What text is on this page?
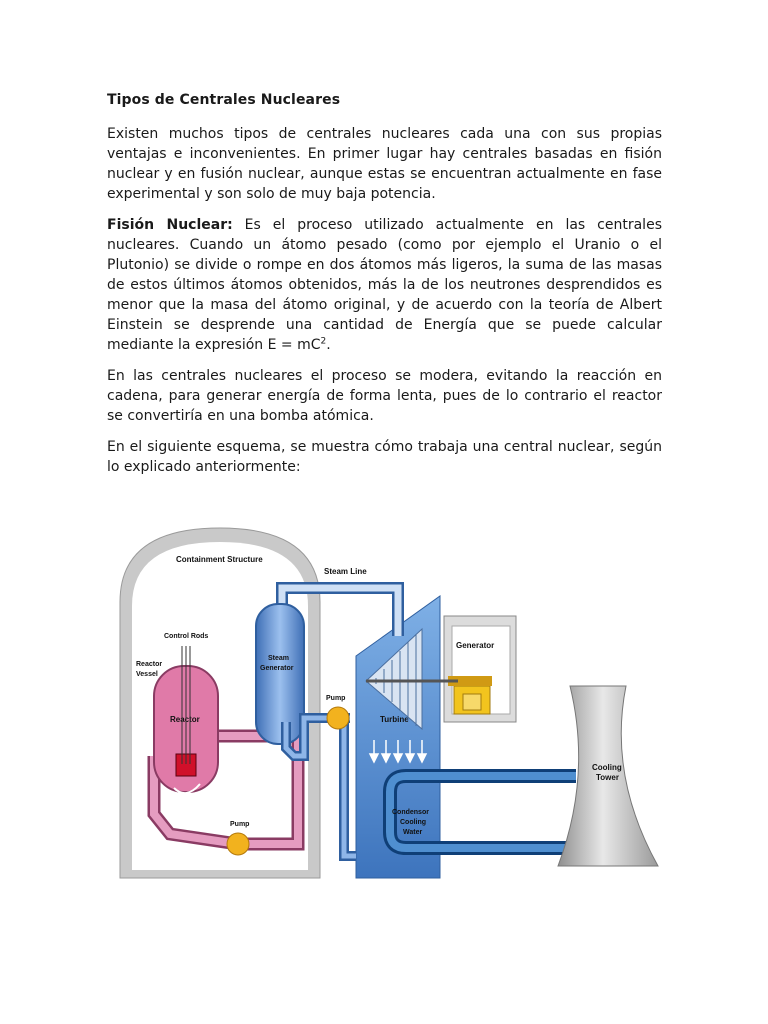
Tipos de Centrales Nucleares

Existen muchos tipos de centrales nucleares cada una con sus propias ventajas e inconvenientes. En primer lugar hay centrales basadas en fisión nuclear y en fusión nuclear, aunque estas se encuentran actualmente en fase experimental y son solo de muy baja potencia.

Fisión Nuclear: Es el proceso utilizado actualmente en las centrales nucleares. Cuando un átomo pesado (como por ejemplo el Uranio o el Plutonio) se divide o rompe en dos átomos más ligeros, la suma de las masas de estos últimos átomos obtenidos, más la de los neutrones desprendidos es menor que la masa del átomo original, y de acuerdo con la teoría de Albert Einstein se desprende una cantidad de Energía que se puede calcular mediante la expresión $E = mC^2$.

En las centrales nucleares el proceso se modera, evitando la reacción en cadena, para generar energía de forma lenta, pues de lo contrario el reactor se convertiría en una bomba atómica.

En el siguiente esquema, se muestra cómo trabaja una central nuclear, según lo explicado anteriormente:

Containment Structure
Turbine
Generator
Steam Line
Pump
Reactor
Control Rods
Reactor
Vessel
Steam
Generator
Pump
Condensor
Cooling
Water
Cooling
Tower
